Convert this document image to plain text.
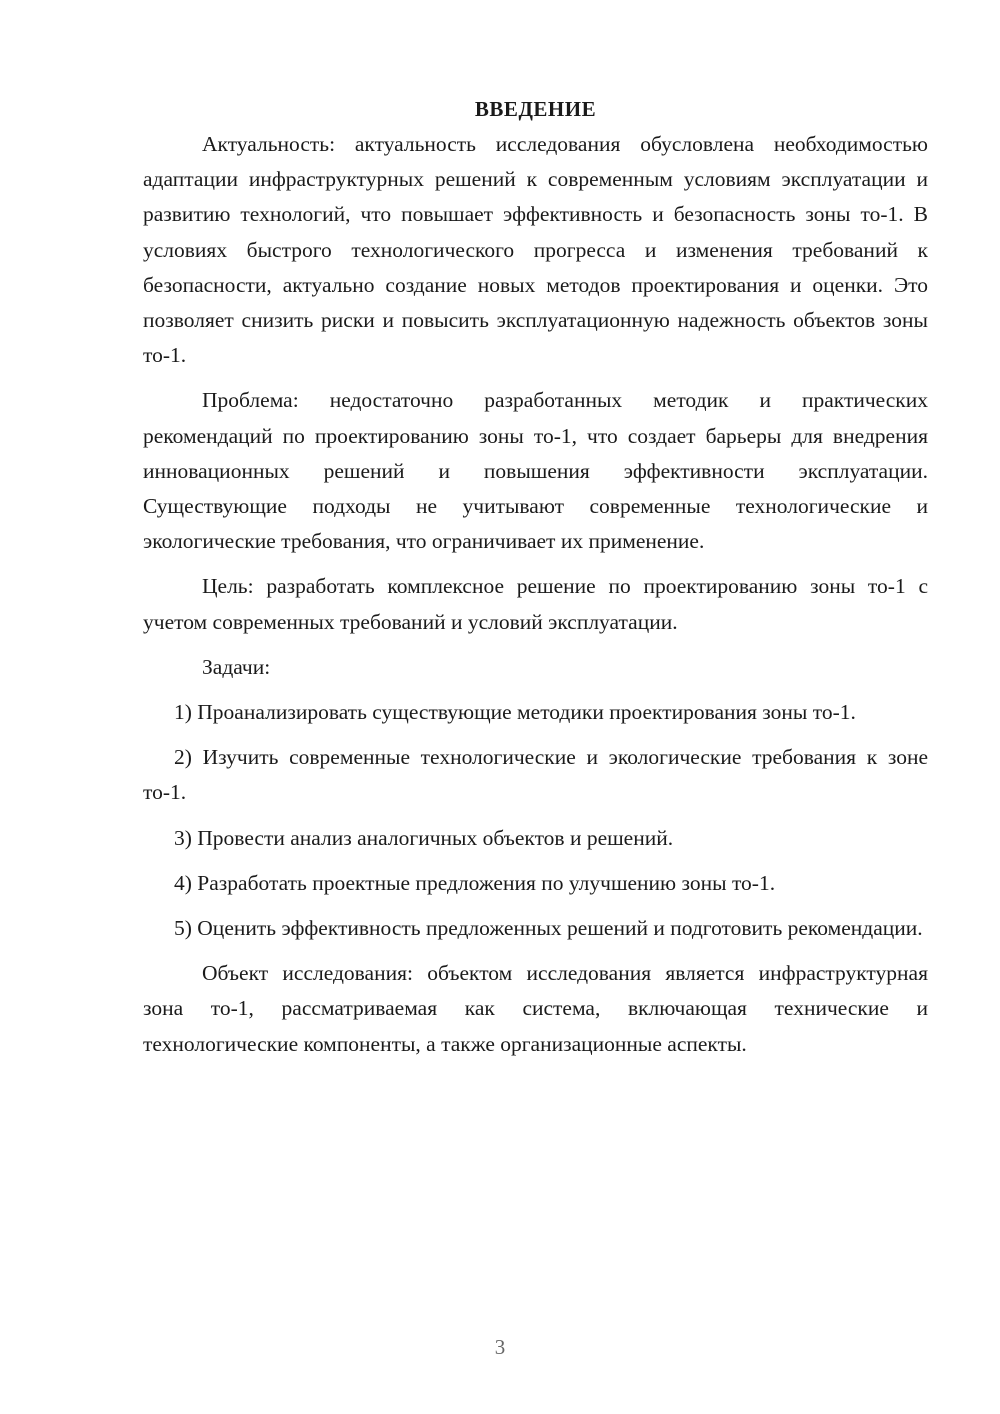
ВВЕДЕНИЕ

Актуальность: актуальность исследования обусловлена необходимостью адаптации инфраструктурных решений к современным условиям эксплуатации и развитию технологий, что повышает эффективность и безопасность зоны то-1. В условиях быстрого технологического прогресса и изменения требований к безопасности, актуально создание новых методов проектирования и оценки. Это позволяет снизить риски и повысить эксплуатационную надежность объектов зоны то-1.

Проблема: недостаточно разработанных методик и практических рекомендаций по проектированию зоны то-1, что создает барьеры для внедрения инновационных решений и повышения эффективности эксплуатации. Существующие подходы не учитывают современные технологические и экологические требования, что ограничивает их применение.

Цель: разработать комплексное решение по проектированию зоны то-1 с учетом современных требований и условий эксплуатации.

Задачи:

1) Проанализировать существующие методики проектирования зоны то-1.

2) Изучить современные технологические и экологические требования к зоне то-1.

3) Провести анализ аналогичных объектов и решений.

4) Разработать проектные предложения по улучшению зоны то-1.

5) Оценить эффективность предложенных решений и подготовить рекомендации.

Объект исследования: объектом исследования является инфраструктурная зона то-1, рассматриваемая как система, включающая технические и технологические компоненты, а также организационные аспекты.

3
